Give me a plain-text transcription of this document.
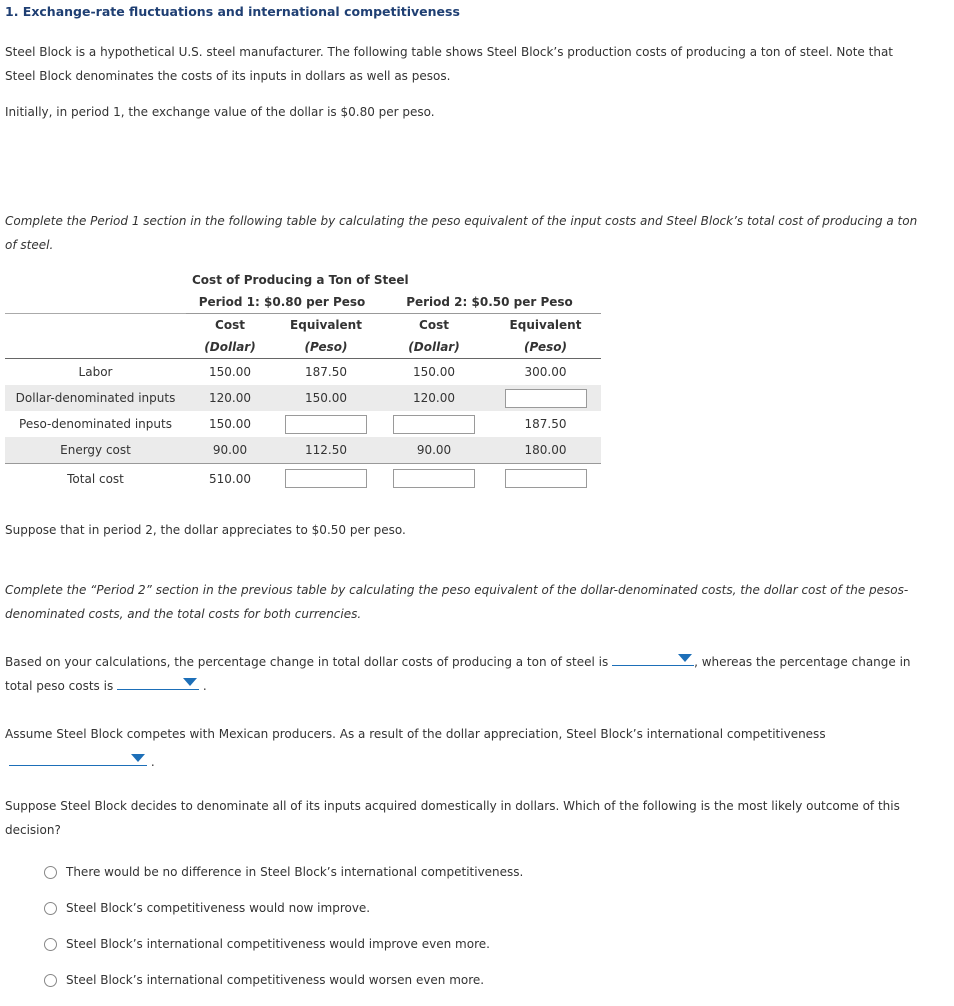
1. Exchange-rate fluctuations and international competitiveness
Steel Block is a hypothetical U.S. steel manufacturer. The following table shows Steel Block’s production costs of producing a ton of steel. Note that Steel Block denominates the costs of its inputs in dollars as well as pesos.
Initially, in period 1, the exchange value of the dollar is $0.80 per peso.
Complete the Period 1 section in the following table by calculating the peso equivalent of the input costs and Steel Block’s total cost of producing a ton of steel.
	Cost of Producing a Ton of Steel			
	Period 1: $0.80 per Peso		Period 2: $0.50 per Peso	
	Cost	Equivalent	Cost	Equivalent
	(Dollar)	(Peso)	(Dollar)	(Peso)
Labor	150.00	187.50	150.00	300.00
Dollar-denominated inputs	120.00	150.00	120.00	
Peso-denominated inputs	150.00			187.50
Energy cost	90.00	112.50	90.00	180.00
Total cost	510.00			
Suppose that in period 2, the dollar appreciates to $0.50 per peso.
Complete the “Period 2” section in the previous table by calculating the peso equivalent of the dollar-denominated costs, the dollar cost of the pesos-denominated costs, and the total costs for both currencies.
Based on your calculations, the percentage change in total dollar costs of producing a ton of steel is	, whereas the percentage change in
total peso costs is	.
Assume Steel Block competes with Mexican producers. As a result of the dollar appreciation, Steel Block’s international competitiveness
.
Suppose Steel Block decides to denominate all of its inputs acquired domestically in dollars. Which of the following is the most likely outcome of this decision?
There would be no difference in Steel Block’s international competitiveness.
Steel Block’s competitiveness would now improve.
Steel Block’s international competitiveness would improve even more.
Steel Block’s international competitiveness would worsen even more.
